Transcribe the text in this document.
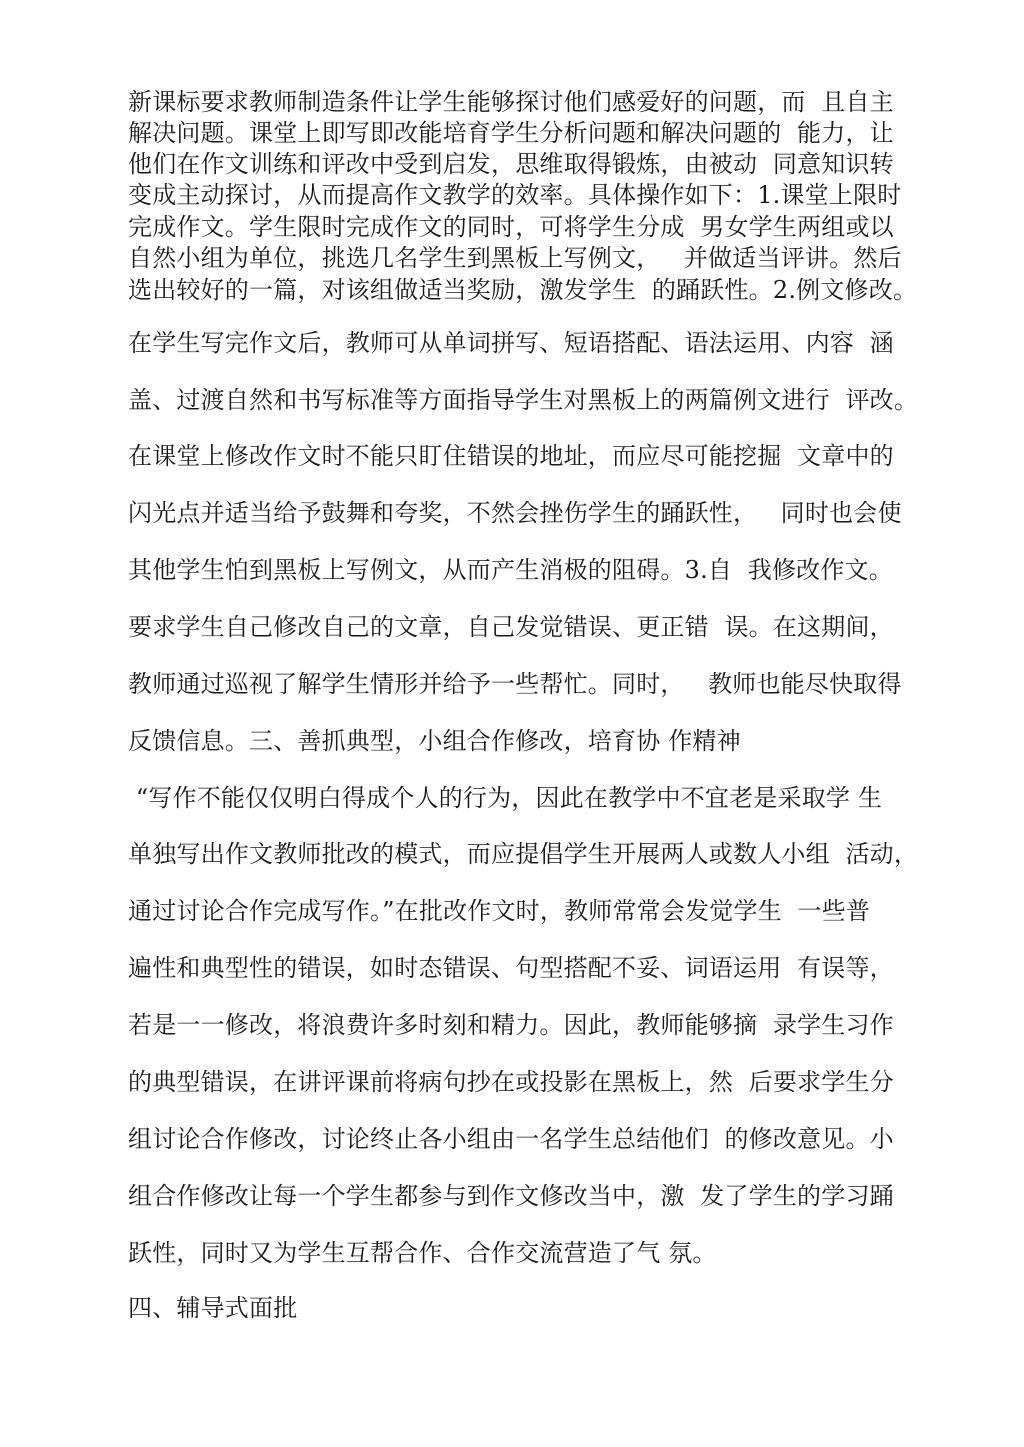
新课标要求教师制造条件让学生能够探讨他们感爱好的问题，而  且自主
解决问题。课堂上即写即改能培育学生分析问题和解决问题的  能力，让
他们在作文训练和评改中受到启发，思维取得锻炼，由被动  同意知识转
变成主动探讨，从而提高作文教学的效率。具体操作如下：1.课堂上限时
完成作文。学生限时完成作文的同时，可将学生分成  男女学生两组或以
自然小组为单位，挑选几名学生到黑板上写例文，   并做适当评讲。然后
选出较好的一篇，对该组做适当奖励，激发学生  的踊跃性。2.例文修改。
在学生写完作文后，教师可从单词拼写、短语搭配、语法运用、内容  涵
盖、过渡自然和书写标准等方面指导学生对黑板上的两篇例文进行  评改。
在课堂上修改作文时不能只盯住错误的地址，而应尽可能挖掘  文章中的
闪光点并适当给予鼓舞和夸奖，不然会挫伤学生的踊跃性，   同时也会使
其他学生怕到黑板上写例文，从而产生消极的阻碍。3.自  我修改作文。
要求学生自己修改自己的文章，自己发觉错误、更正错  误。在这期间，
教师通过巡视了解学生情形并给予一些帮忙。同时，   教师也能尽快取得
反馈信息。三、善抓典型，小组合作修改，培育协 作精神
“写作不能仅仅明白得成个人的行为，因此在教学中不宜老是采取学 生
单独写出作文教师批改的模式，而应提倡学生开展两人或数人小组  活动，
通过讨论合作完成写作。”在批改作文时，教师常常会发觉学生  一些普
遍性和典型性的错误，如时态错误、句型搭配不妥、词语运用  有误等，
若是一一修改，将浪费许多时刻和精力。因此，教师能够摘  录学生习作
的典型错误，在讲评课前将病句抄在或投影在黑板上，然  后要求学生分
组讨论合作修改，讨论终止各小组由一名学生总结他们  的修改意见。小
组合作修改让每一个学生都参与到作文修改当中，激  发了学生的学习踊
跃性，同时又为学生互帮合作、合作交流营造了气 氛。
四、辅导式面批
